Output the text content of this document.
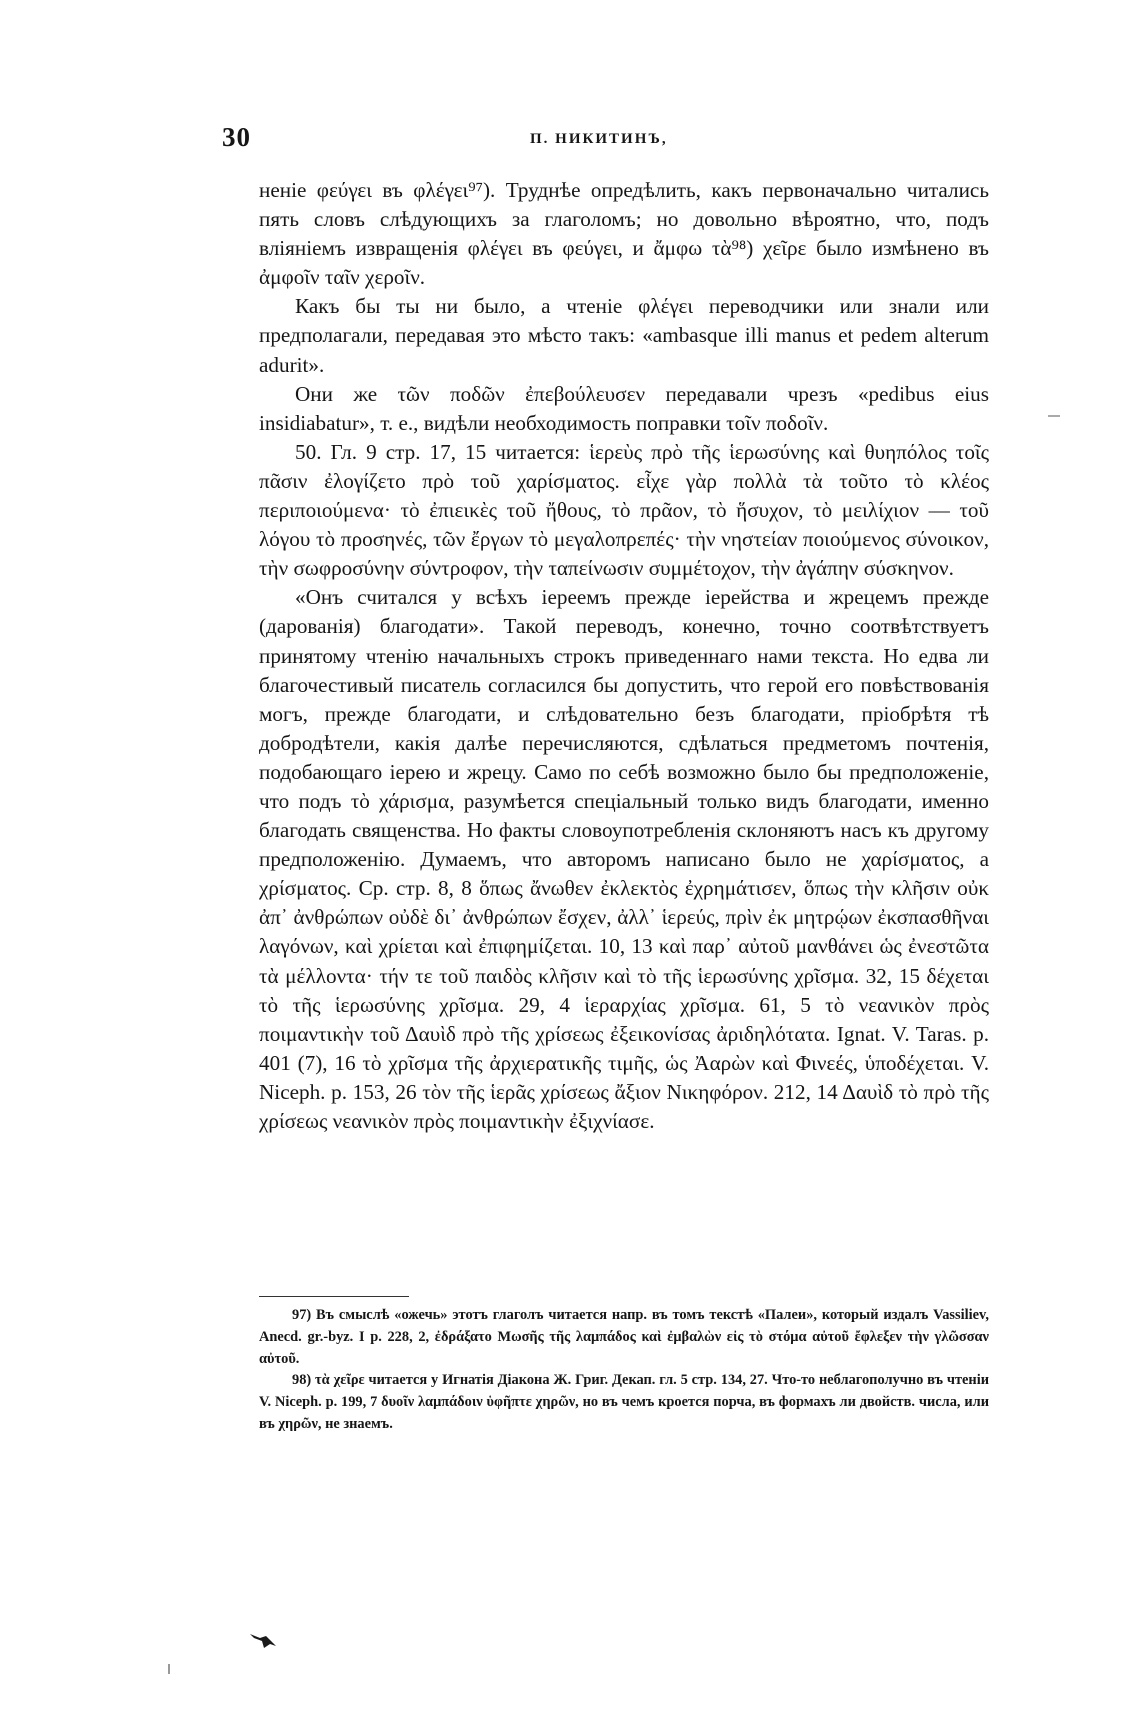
30	П. НИКИТИНЪ,

неніе φεύγει въ φλέγει⁹⁷). Труднѣе опредѣлить, какъ первоначально читались пять словъ слѣдующихъ за глаголомъ; но довольно вѣроятно, что, подъ вліяніемъ извращенія φλέγει въ φεύγει, и ἄμφω τὰ⁹⁸) χεῖρε было измѣнено въ ἀμφοῖν ταῖν χεροῖν.

Какъ бы ты ни было, а чтеніе φλέγει переводчики или знали или предполагали, передавая это мѣсто такъ: «ambasque illi manus et pedem alterum adurit».

Они же τῶν ποδῶν ἐπεβούλευσεν передавали чрезъ «pedibus eius insidiabatur», т. е., видѣли необходимость поправки τοῖν ποδοῖν.

50. Гл. 9 стр. 17, 15 читается: ἱερεὺς πρὸ τῆς ἱερωσύνης καὶ θυηπόλος τοῖς πᾶσιν ἐλογίζετο πρὸ τοῦ χαρίσματος. εἶχε γὰρ πολλὰ τὰ τοῦτο τὸ κλέος περιποιούμενα· τὸ ἐπιεικὲς τοῦ ἤθους, τὸ πρᾶον, τὸ ἥσυχον, τὸ μειλίχιον — τοῦ λόγου τὸ προσηνές, τῶν ἔργων τὸ μεγαλοπρεπές· τὴν νηστείαν ποιούμενος σύνοικον, τὴν σωφροσύνην σύντροφον, τὴν ταπείνωσιν συμμέτοχον, τὴν ἀγάπην σύσκηνον.

«Онъ считался у всѣхъ іереемъ прежде іерейства и жрецемъ прежде (дарованія) благодати». Такой переводъ, конечно, точно соотвѣтствуетъ принятому чтенію начальныхъ строкъ приведеннаго нами текста. Но едва ли благочестивый писатель согласился бы допустить, что герой его повѣствованія могъ, прежде благодати, и слѣдовательно безъ благодати, пріобрѣтя тѣ добродѣтели, какія далѣе перечисляются, сдѣлаться предметомъ почтенія, подобающаго іерею и жрецу. Само по себѣ возможно было бы предположеніе, что подъ τὸ χάρισμα, разумѣется спеціальный только видъ благодати, именно благодать священства. Но факты словоупотребленія склоняютъ насъ къ другому предположенію. Думаемъ, что авторомъ написано было не χαρίσματος, а χρίσματος. Ср. стр. 8, 8 ὅπως ἄνωθεν ἐκλεκτὸς ἐχρημάτισεν, ὅπως τὴν κλῆσιν οὐκ ἀπ᾽ ἀνθρώπων οὐδὲ δι᾽ ἀνθρώπων ἔσχεν, ἀλλ᾽ ἱερεύς, πρὶν ἐκ μητρῴων ἐκσπασθῆναι λαγόνων, καὶ χρίεται καὶ ἐπιφημίζεται. 10, 13 καὶ παρ᾽ αὐτοῦ μανθάνει ὡς ἐνεστῶτα τὰ μέλλοντα· τήν τε τοῦ παιδὸς κλῆσιν καὶ τὸ τῆς ἱερωσύνης χρῖσμα. 32, 15 δέχεται τὸ τῆς ἱερωσύνης χρῖσμα. 29, 4 ἱεραρχίας χρῖσμα. 61, 5 τὸ νεανικὸν πρὸς ποιμαντικὴν τοῦ Δαυὶδ πρὸ τῆς χρίσεως ἐξεικονίσας ἀριδηλότατα. Ignat. V. Taras. p. 401 (7), 16 τὸ χρῖσμα τῆς ἀρχιερατικῆς τιμῆς, ὡς Ἀαρὼν καὶ Φινεές, ὑποδέχεται. V. Niceph. p. 153, 26 τὸν τῆς ἱερᾶς χρίσεως ἄξιον Νικηφόρον. 212, 14 Δαυὶδ τὸ πρὸ τῆς χρίσεως νεανικὸν πρὸς ποιμαντικὴν ἐξιχνίασε.

97) Въ смыслѣ «ожечь» этотъ глаголъ читается напр. въ томъ текстѣ «Палеи», который издалъ Vassiliev, Anecd. gr.-byz. I p. 228, 2, ἐδράξατο Μωσῆς τῆς λαμπάδος καὶ ἐμβαλὼν εἰς τὸ στόμα αὐτοῦ ἔφλεξεν τὴν γλῶσσαν αὐτοῦ.

98) τὰ χεῖρε читается у Игнатія Діакона Ж. Григ. Декап. гл. 5 стр. 134, 27. Что-то неблагополучно въ чтеніи V. Niceph. p. 199, 7 δυοῖν λαμπάδοιν ὑφῆπτε χηρῶν, но въ чемъ кроется порча, въ формахъ ли двойств. числа, или въ χηρῶν, не знаемъ.
